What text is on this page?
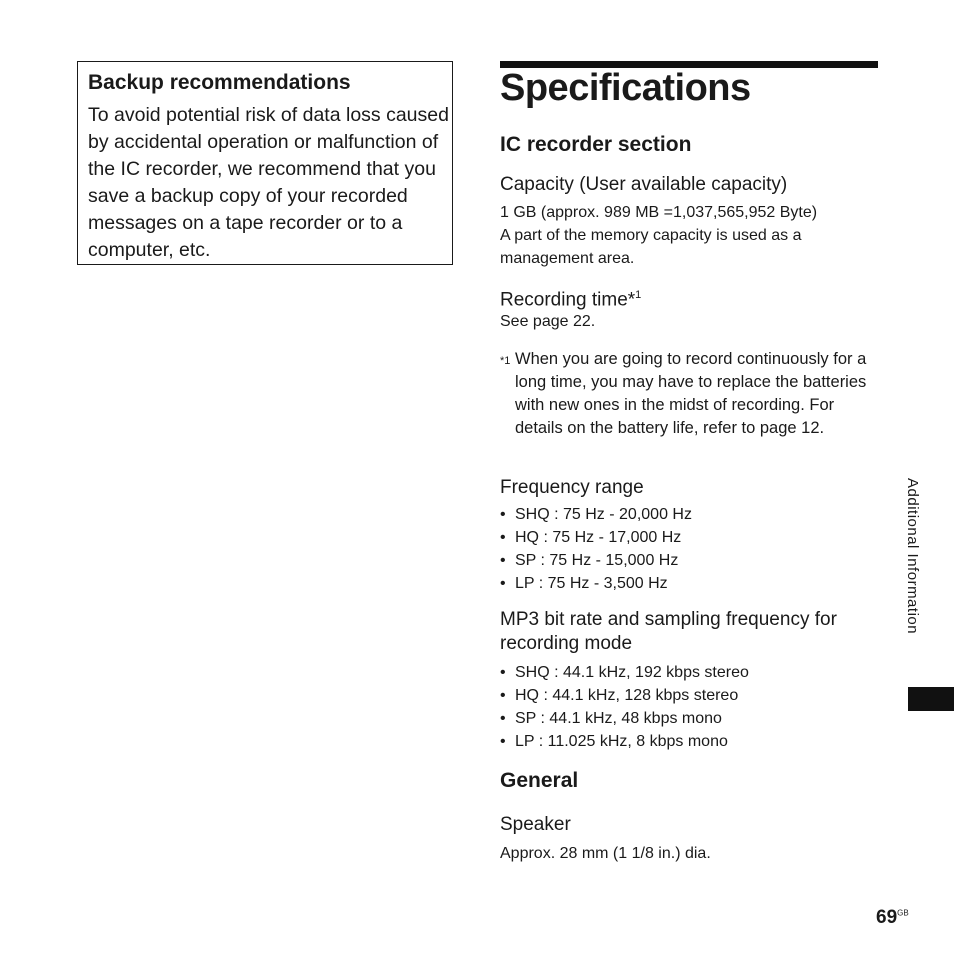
Backup recommendations

To avoid potential risk of data loss caused by accidental operation or malfunction of the IC recorder, we recommend that you save a backup copy of your recorded messages on a tape recorder or to a computer, etc.

Specifications
IC recorder section

Capacity (User available capacity)

1 GB (approx. 989 MB =1,037,565,952 Byte)

A part of the memory capacity is used as a management area.

Recording time*$^1$

See page 22.

*1 When you are going to record continuously for a long time, you may have to replace the batteries with new ones in the midst of recording. For details on the battery life, refer to page 12.

Frequency range

• SHQ : 75 Hz - 20,000 Hz
• HQ : 75 Hz - 17,000 Hz
• SP : 75 Hz - 15,000 Hz
• LP : 75 Hz - 3,500 Hz

MP3 bit rate and sampling frequency for recording mode

• SHQ : 44.1 kHz, 192 kbps stereo
• HQ : 44.1 kHz, 128 kbps stereo
• SP : 44.1 kHz, 48 kbps mono
• LP : 11.025 kHz, 8 kbps mono
General

Speaker

Approx. 28 mm (1 1/8 in.) dia.

Additional Information
$69^{GB}$
